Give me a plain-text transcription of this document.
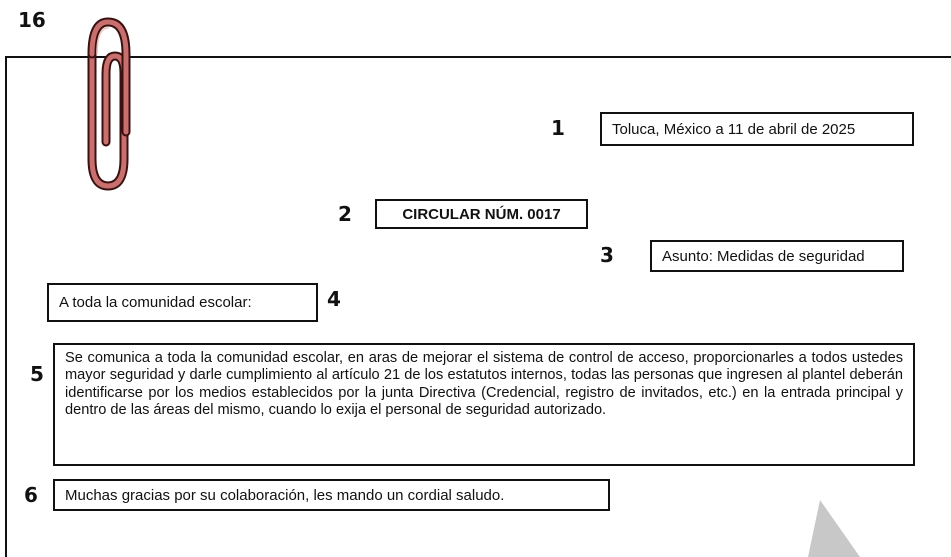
16
1	Toluca, México a 11 de abril de 2025
2	CIRCULAR NÚM. 0017
3	Asunto: Medidas de seguridad
A toda la comunidad escolar:	4
5
Se comunica a toda la comunidad escolar, en aras de mejorar el sistema de control de acceso, proporcionarles a todos ustedes mayor seguridad y darle cumplimiento al artículo 21 de los estatutos internos, todas las personas que ingresen al plantel deberán identificarse por los medios establecidos por la junta Directiva (Credencial, registro de invitados, etc.) en la entrada principal y dentro de las áreas del mismo, cuando lo exija el personal de seguridad autorizado.
6	Muchas gracias por su colaboración, les mando un cordial saludo.
